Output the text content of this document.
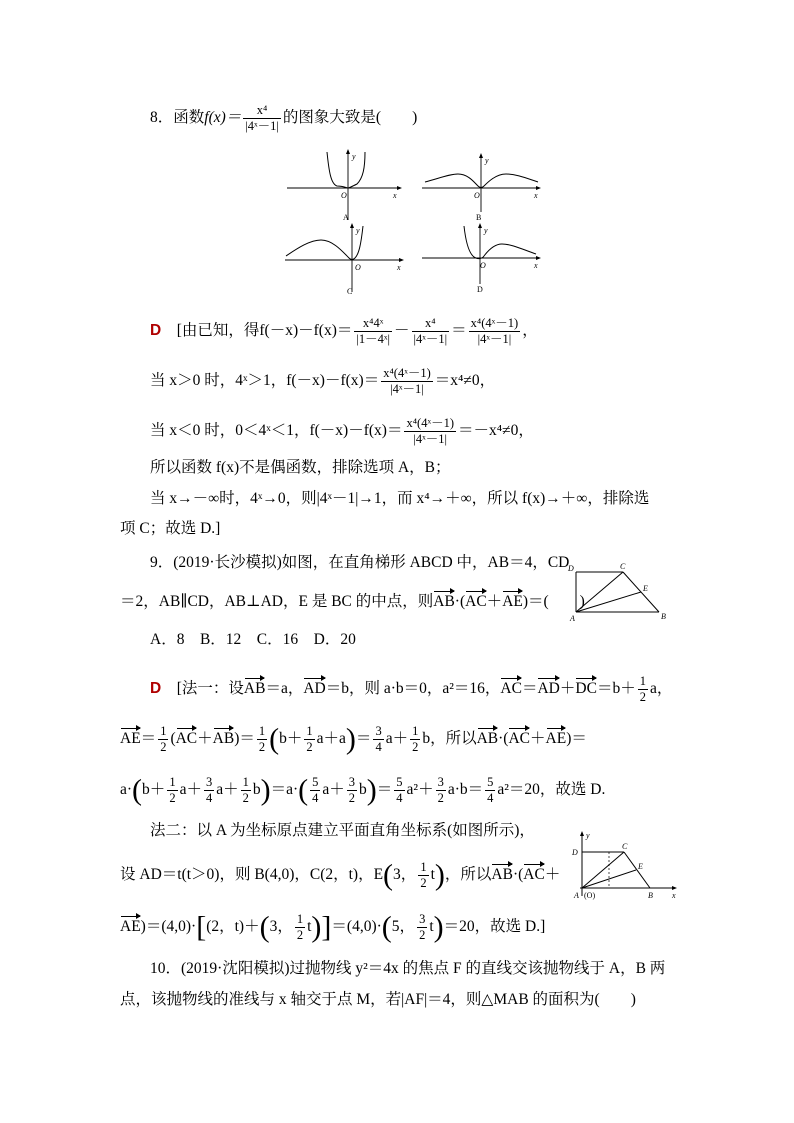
8．函数$f(x)= \frac{\text{x⁴}}{\text{|4ˣ－1|}}$ 的图象大致是(　　)
y
x
O
A
y
x
O
B
y
x
O
C
y
x
O
D
D　 [由已知，得$f(-x)-f(x)= \frac{\text{x⁴4ˣ}}{\text{|1－4ˣ|}} - \frac{\text{x⁴}}{\text{|4ˣ－1|}} = \frac{\text{x⁴(4ˣ－1)}}{\text{|4ˣ－1|}}$ ，
当 x＞0 时，4ˣ＞1，$f(-x)-f(x)= \frac{\text{x⁴(4ˣ－1)}}{\text{|4ˣ－1|}} =x^4\ne 0$，
当 x＜0 时，0＜4ˣ＜1，$f(-x)-f(x)= \frac{\text{x⁴(4ˣ－1)}}{\text{|4ˣ－1|}} =-x^4\ne 0$，
所以函数 f(x)不是偶函数，排除选项 A，B；
当 x→－∞时，4ˣ→0，则|4ˣ－1|→1，而 x⁴→＋∞，所以 f(x)→＋∞，排除选
项 C；故选 D.]
9．(2019·长沙模拟)如图，在直角梯形 ABCD 中，AB＝4，CD
＝2，AB∥CD，AB⊥AD，E 是 BC 的中点，则AB·(AC＋AE)＝(　　)
A．8　B．12　C．16　D．20
D	C
E
A	B
D　 [法一：设AB＝a，AD＝b，则 a·b＝0，a²＝16，$AC=AD+DC=b+ \frac{1}{2}$ a，
$AE= \frac{1}{2} (AC+AB)= \frac{1}{2} (b+ \frac{1}{2} a+a)= \frac{3}{4} a+ \frac{1}{2}$ b，所以AB·(AC＋AE)＝
$a\cdot(b+ \frac{1}{2} a+ \frac{3}{4} a+ \frac{1}{2} b)=a\cdot( \frac{5}{4} a+ \frac{3}{2} b)= \frac{5}{4} a^2+ \frac{3}{2} a\cdot b= \frac{5}{4} a^2=20$，故选 D.
法二：以 A 为坐标原点建立平面直角坐标系(如图所示)，
设 AD＝t(t＞0)，则 B(4,0)，C(2，t)，E(3， $\frac{1}{2} t$)，所以AB·(AC＋
AE)＝(4,0)·[(2，t)＋(3， $\frac{1}{2} t)]=(4,0)\cdot(5$， $\frac{3}{2} t)=20$，故选 D.]
y
x
D
C
E
A (O)	B
10．(2019·沈阳模拟)过抛物线 y²＝4x 的焦点 F 的直线交该抛物线于 A，B 两
点，该抛物线的准线与 x 轴交于点 M，若|AF|＝4，则△MAB 的面积为(　　)
